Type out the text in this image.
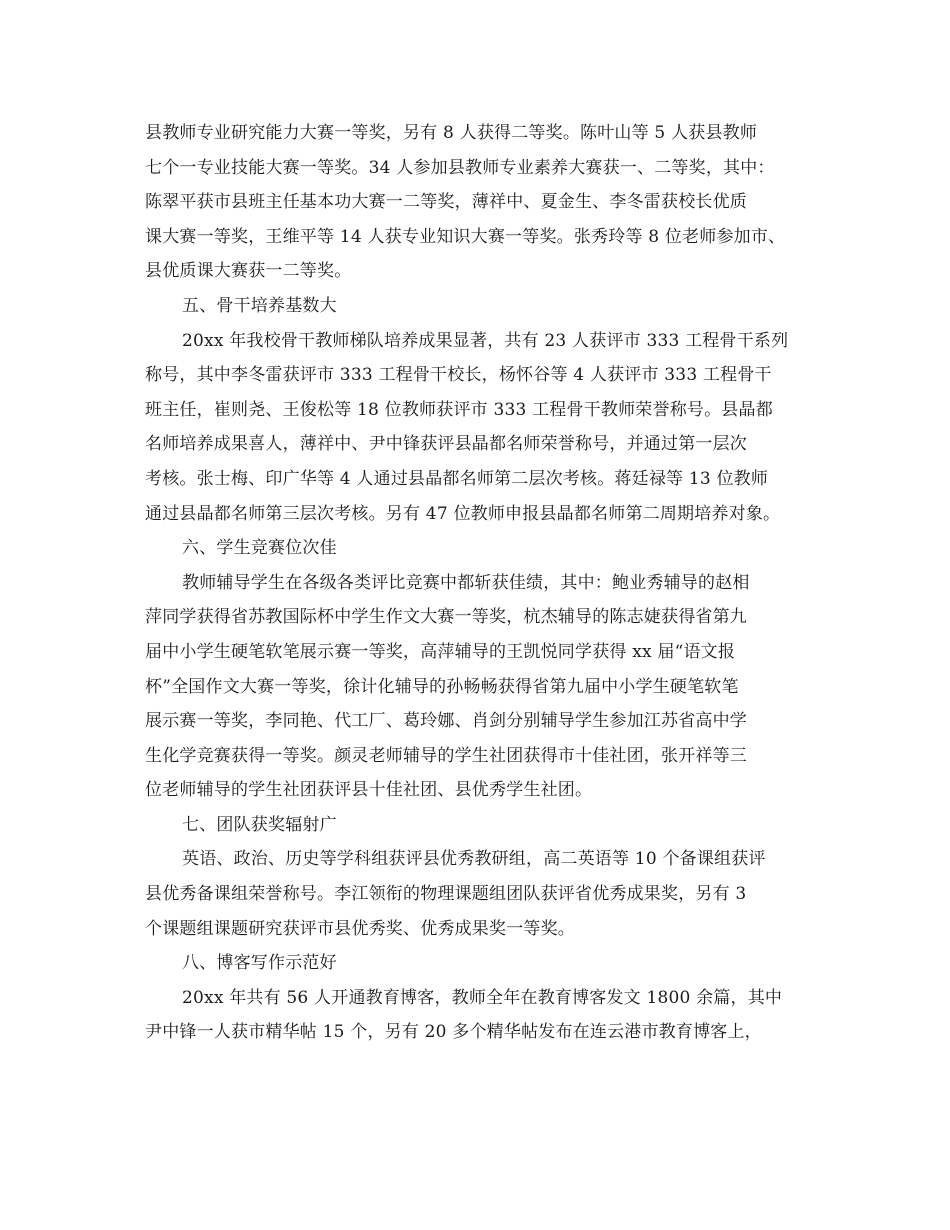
县教师专业研究能力大赛一等奖，另有 8 人获得二等奖。陈叶山等 5 人获县教师
七个一专业技能大赛一等奖。34 人参加县教师专业素养大赛获一、二等奖，其中：
陈翠平获市县班主任基本功大赛一二等奖，薄祥中、夏金生、李冬雷获校长优质
课大赛一等奖，王维平等 14 人获专业知识大赛一等奖。张秀玲等 8 位老师参加市、
县优质课大赛获一二等奖。
五、骨干培养基数大
20xx 年我校骨干教师梯队培养成果显著，共有 23 人获评市 333 工程骨干系列
称号，其中李冬雷获评市 333 工程骨干校长，杨怀谷等 4 人获评市 333 工程骨干
班主任，崔则尧、王俊松等 18 位教师获评市 333 工程骨干教师荣誉称号。县晶都
名师培养成果喜人，薄祥中、尹中锋获评县晶都名师荣誉称号，并通过第一层次
考核。张士梅、印广华等 4 人通过县晶都名师第二层次考核。蒋廷禄等 13 位教师
通过县晶都名师第三层次考核。另有 47 位教师申报县晶都名师第二周期培养对象。
六、学生竞赛位次佳
教师辅导学生在各级各类评比竞赛中都斩获佳绩，其中：鲍业秀辅导的赵相
萍同学获得省苏教国际杯中学生作文大赛一等奖，杭杰辅导的陈志婕获得省第九
届中小学生硬笔软笔展示赛一等奖，高萍辅导的王凯悦同学获得 xx 届“语文报
杯”全国作文大赛一等奖，徐计化辅导的孙畅畅获得省第九届中小学生硬笔软笔
展示赛一等奖，李同艳、代工厂、葛玲娜、肖剑分别辅导学生参加江苏省高中学
生化学竞赛获得一等奖。颜灵老师辅导的学生社团获得市十佳社团，张开祥等三
位老师辅导的学生社团获评县十佳社团、县优秀学生社团。
七、团队获奖辐射广
英语、政治、历史等学科组获评县优秀教研组，高二英语等 10 个备课组获评
县优秀备课组荣誉称号。李江领衔的物理课题组团队获评省优秀成果奖，另有 3
个课题组课题研究获评市县优秀奖、优秀成果奖一等奖。
八、博客写作示范好
20xx 年共有 56 人开通教育博客，教师全年在教育博客发文 1800 余篇，其中
尹中锋一人获市精华帖 15 个，另有 20 多个精华帖发布在连云港市教育博客上，
